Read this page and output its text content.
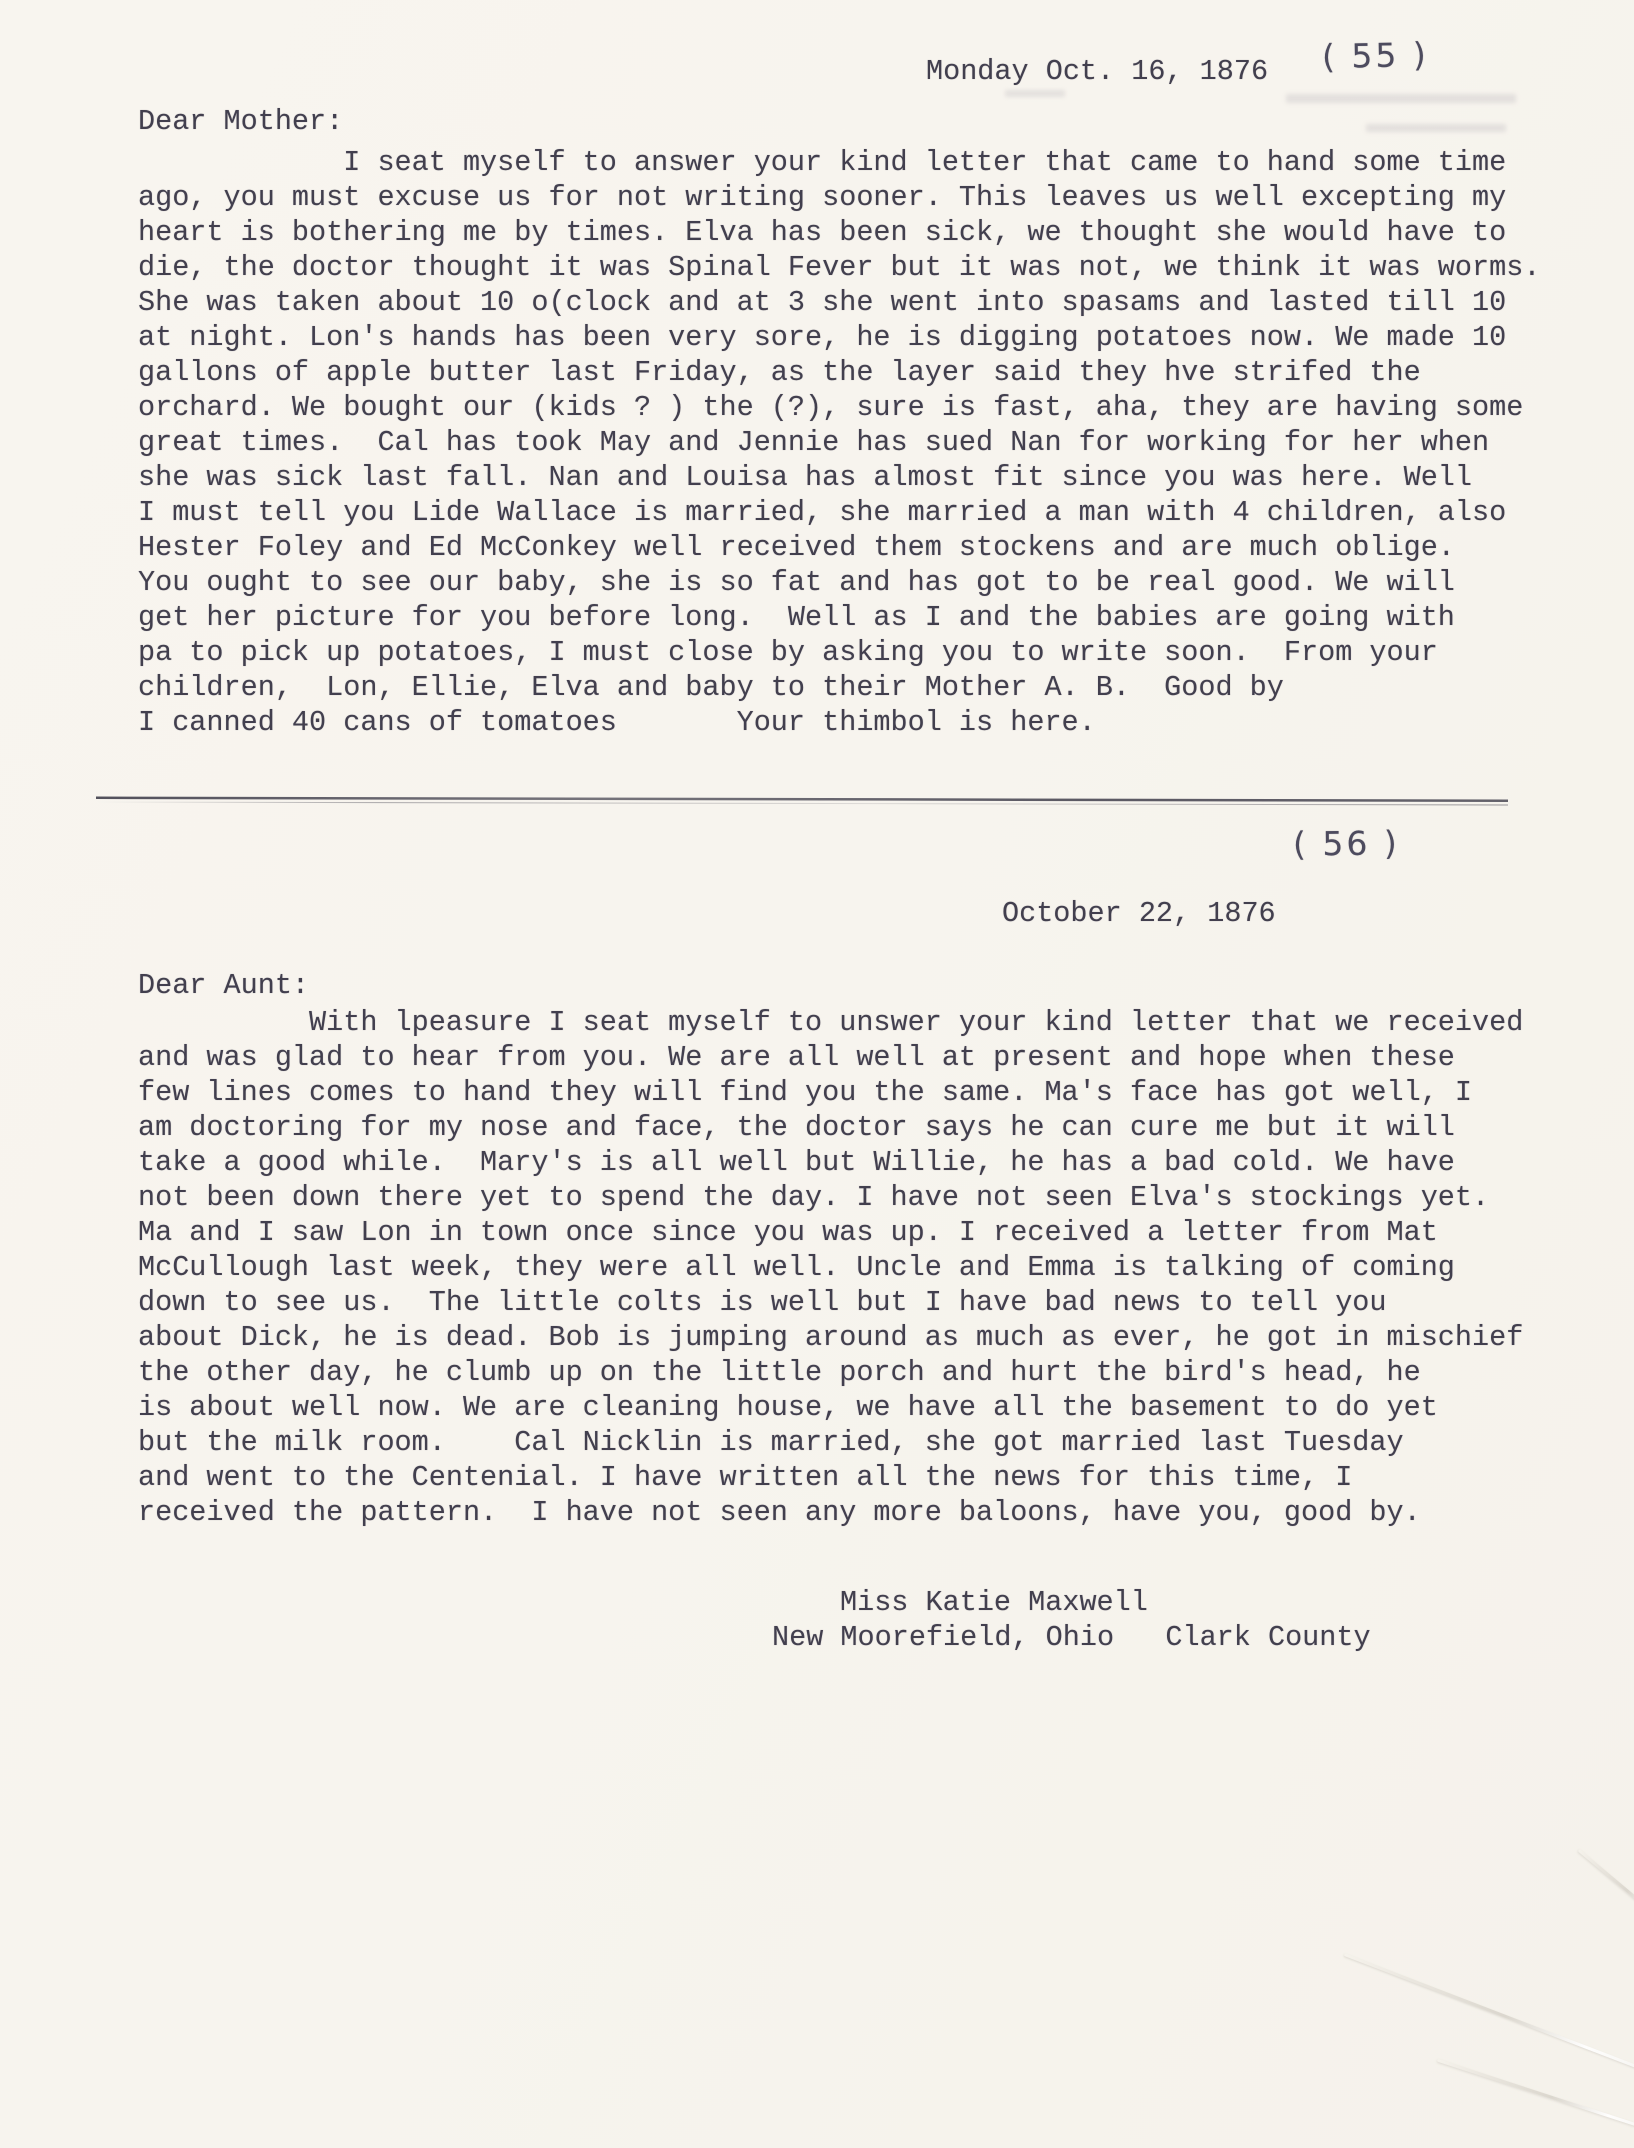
( 55 )
Monday Oct. 16, 1876
Dear Mother:
I seat myself to answer your kind letter that came to hand some time
ago, you must excuse us for not writing sooner. This leaves us well excepting my
heart is bothering me by times. Elva has been sick, we thought she would have to
die, the doctor thought it was Spinal Fever but it was not, we think it was worms.
She was taken about 10 o(clock and at 3 she went into spasams and lasted till 10
at night. Lon's hands has been very sore, he is digging potatoes now. We made 10
gallons of apple butter last Friday, as the layer said they hve strifed the
orchard. We bought our (kids ? ) the (?), sure is fast, aha, they are having some
great times.  Cal has took May and Jennie has sued Nan for working for her when
she was sick last fall. Nan and Louisa has almost fit since you was here. Well
I must tell you Lide Wallace is married, she married a man with 4 children, also
Hester Foley and Ed McConkey well received them stockens and are much oblige.
You ought to see our baby, she is so fat and has got to be real good. We will
get her picture for you before long.  Well as I and the babies are going with
pa to pick up potatoes, I must close by asking you to write soon.  From your
children,  Lon, Ellie, Elva and baby to their Mother A. B.  Good by
I canned 40 cans of tomatoes       Your thimbol is here.
( 56 )
October 22, 1876
Dear Aunt:
With lpeasure I seat myself to unswer your kind letter that we received
and was glad to hear from you. We are all well at present and hope when these
few lines comes to hand they will find you the same. Ma's face has got well, I
am doctoring for my nose and face, the doctor says he can cure me but it will
take a good while.  Mary's is all well but Willie, he has a bad cold. We have
not been down there yet to spend the day. I have not seen Elva's stockings yet.
Ma and I saw Lon in town once since you was up. I received a letter from Mat
McCullough last week, they were all well. Uncle and Emma is talking of coming
down to see us.  The little colts is well but I have bad news to tell you
about Dick, he is dead. Bob is jumping around as much as ever, he got in mischief
the other day, he clumb up on the little porch and hurt the bird's head, he
is about well now. We are cleaning house, we have all the basement to do yet
but the milk room.    Cal Nicklin is married, she got married last Tuesday
and went to the Centenial. I have written all the news for this time, I
received the pattern.  I have not seen any more baloons, have you, good by.
Miss Katie Maxwell
New Moorefield, Ohio   Clark County
